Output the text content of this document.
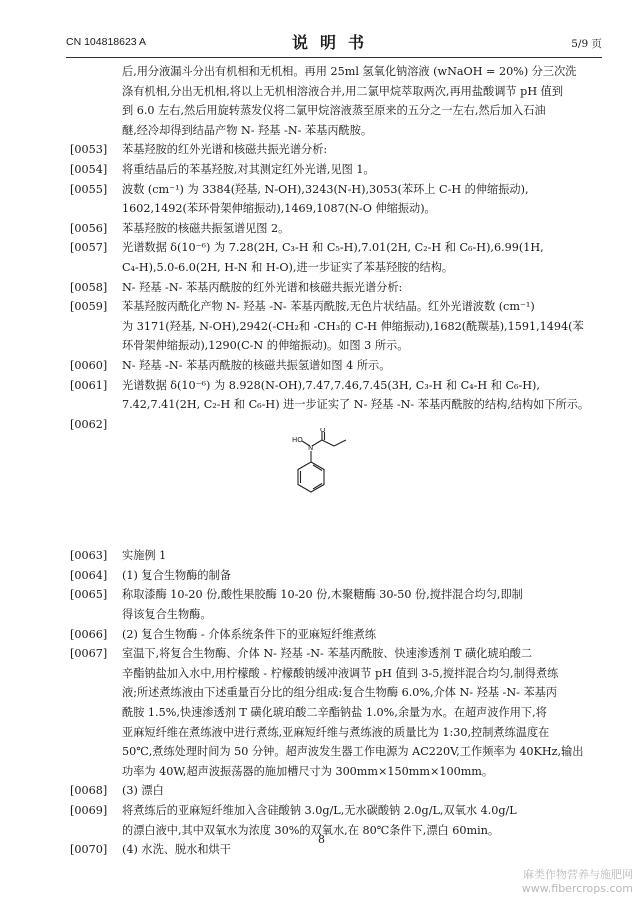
CN 104818623 A	说明书	5/9 页
后,用分液漏斗分出有机相和无机相。再用 25ml 氢氧化钠溶液 (wNaOH = 20%) 分三次洗
涤有机相,分出无机相,将以上无机相溶液合并,用二氯甲烷萃取两次,再用盐酸调节 pH 值到
到 6.0 左右,然后用旋转蒸发仪将二氯甲烷溶液蒸至原来的五分之一左右,然后加入石油
醚,经冷却得到结晶产物 N- 羟基 -N- 苯基丙酰胺。
[0053] 苯基羟胺的红外光谱和核磁共振光谱分析:
[0054] 将重结晶后的苯基羟胺,对其测定红外光谱,见图 1。
[0055] 波数 (cm⁻¹) 为 3384(羟基, N-OH),3243(N-H),3053(苯环上 C-H 的伸缩振动),
1602,1492(苯环骨架伸缩振动),1469,1087(N-O 伸缩振动)。
[0056] 苯基羟胺的核磁共振氢谱见图 2。
[0057] 光谱数据 δ(10⁻⁶) 为 7.28(2H, C₃-H 和 C₅-H),7.01(2H, C₂-H 和 C₆-H),6.99(1H,
C₄-H),5.0-6.0(2H, H-N 和 H-O),进一步证实了苯基羟胺的结构。
[0058] N- 羟基 -N- 苯基丙酰胺的红外光谱和核磁共振光谱分析:
[0059] 苯基羟胺丙酰化产物 N- 羟基 -N- 苯基丙酰胺,无色片状结晶。红外光谱波数 (cm⁻¹)
为 3171(羟基, N-OH),2942(-CH₂和 -CH₃的 C-H 伸缩振动),1682(酰羰基),1591,1494(苯
环骨架伸缩振动),1290(C-N 的伸缩振动)。如图 3 所示。
[0060] N- 羟基 -N- 苯基丙酰胺的核磁共振氢谱如图 4 所示。
[0061] 光谱数据 δ(10⁻⁶) 为 8.928(N-OH),7.47,7.46,7.45(3H, C₃-H 和 C₄-H 和 C₆-H),
7.42,7.41(2H, C₂-H 和 C₆-H) 进一步证实了 N- 羟基 -N- 苯基丙酰胺的结构,结构如下所示。
[0062]
[0063] 实施例 1
[0064] (1) 复合生物酶的制备
[0065] 称取漆酶 10-20 份,酸性果胶酶 10-20 份,木聚糖酶 30-50 份,搅拌混合均匀,即制
得该复合生物酶。
[0066] (2) 复合生物酶 - 介体系统条件下的亚麻短纤维煮练
[0067] 室温下,将复合生物酶、介体 N- 羟基 -N- 苯基丙酰胺、快速渗透剂 T 磺化琥珀酸二
辛酯钠盐加入水中,用柠檬酸 - 柠檬酸钠缓冲液调节 pH 值到 3-5,搅拌混合均匀,制得煮练
液;所述煮练液由下述重量百分比的组分组成:复合生物酶 6.0%,介体 N- 羟基 -N- 苯基丙
酰胺 1.5%,快速渗透剂 T 磺化琥珀酸二辛酯钠盐 1.0%,余量为水。在超声波作用下,将
亚麻短纤维在煮练液中进行煮练,亚麻短纤维与煮练液的质量比为 1:30,控制煮练温度在
50℃,煮练处理时间为 50 分钟。超声波发生器工作电源为 AC220V,工作频率为 40KHz,输出
功率为 40W,超声波振荡器的施加槽尺寸为 300mm×150mm×100mm。
[0068] (3) 漂白
[0069] 将煮练后的亚麻短纤维加入含硅酸钠 3.0g/L,无水碳酸钠 2.0g/L,双氧水 4.0g/L
的漂白液中,其中双氧水为浓度 30%的双氧水,在 80℃条件下,漂白 60min。
[0070] (4) 水洗、脱水和烘干
HO
N
O
8
麻类作物营养与施肥网
www.fibercrops.com
